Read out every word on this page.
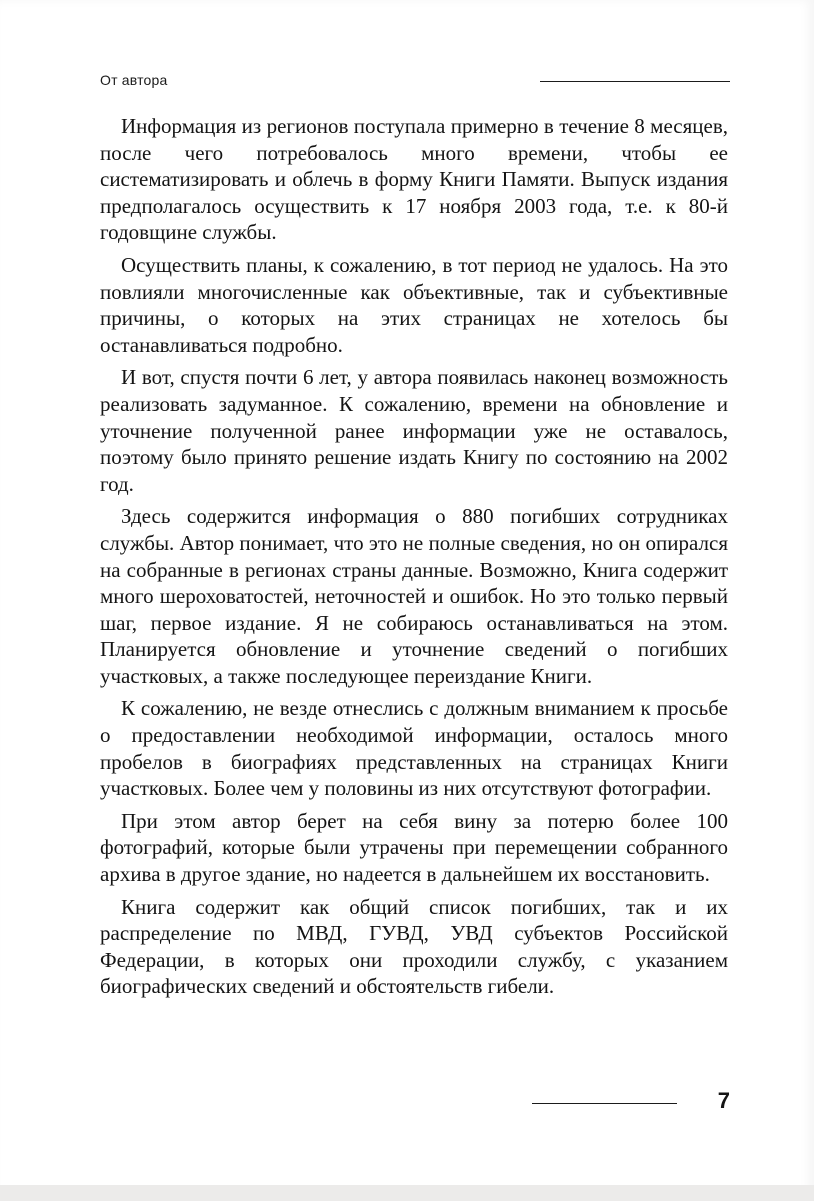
От автора

Информация из регионов поступала примерно в течение 8 месяцев, после чего потребовалось много времени, чтобы ее систематизировать и облечь в форму Книги Памяти. Выпуск издания предполагалось осуществить к 17 ноября 2003 года, т.е. к 80-й годовщине службы.

Осуществить планы, к сожалению, в тот период не удалось. На это повлияли многочисленные как объективные, так и субъективные причины, о которых на этих страницах не хотелось бы останавливаться подробно.

И вот, спустя почти 6 лет, у автора появилась наконец возможность реализовать задуманное. К сожалению, времени на обновление и уточнение полученной ранее информации уже не оставалось, поэтому было принято решение издать Книгу по состоянию на 2002 год.

Здесь содержится информация о 880 погибших сотрудниках службы. Автор понимает, что это не полные сведения, но он опирался на собранные в регионах страны данные. Возможно, Книга содержит много шероховатостей, неточностей и ошибок. Но это только первый шаг, первое издание. Я не собираюсь останавливаться на этом. Планируется обновление и уточнение сведений о погибших участковых, а также последующее переиздание Книги.

К сожалению, не везде отнеслись с должным вниманием к просьбе о предоставлении необходимой информации, осталось много пробелов в биографиях представленных на страницах Книги участковых. Более чем у половины из них отсутствуют фотографии.

При этом автор берет на себя вину за потерю более 100 фотографий, которые были утрачены при перемещении собранного архива в другое здание, но надеется в дальнейшем их восстановить.

Книга содержит как общий список погибших, так и их распределение по МВД, ГУВД, УВД субъектов Российской Федерации, в которых они проходили службу, с указанием биографических сведений и обстоятельств гибели.

7
